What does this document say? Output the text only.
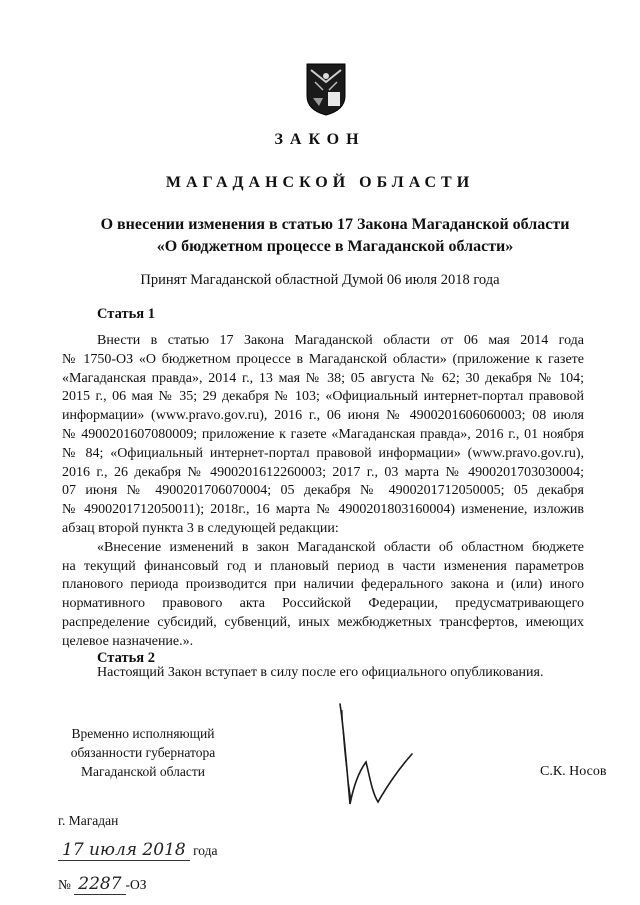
ЗАКОН
МАГАДАНСКОЙ ОБЛАСТИ
О внесении изменения в статью 17 Закона Магаданской области
«О бюджетном процессе в Магаданской области»
Принят Магаданской областной Думой 06 июля 2018 года
Статья 1
Внести в статью 17 Закона Магаданской области от 06 мая 2014 года
№ 1750-ОЗ «О бюджетном процессе в Магаданской области» (приложение к газете
«Магаданская правда», 2014 г., 13 мая № 38; 05 августа № 62; 30 декабря № 104;
2015 г., 06 мая № 35; 29 декабря № 103; «Официальный интернет-портал правовой
информации» (www.pravo.gov.ru), 2016 г., 06 июня № 4900201606060003; 08 июля
№ 4900201607080009; приложение к газете «Магаданская правда», 2016 г., 01 ноября
№ 84; «Официальный интернет-портал правовой информации» (www.pravo.gov.ru),
2016 г., 26 декабря № 4900201612260003; 2017 г., 03 марта № 4900201703030004;
07 июня № 4900201706070004; 05 декабря № 4900201712050005; 05 декабря
№ 4900201712050011); 2018г., 16 марта № 4900201803160004) изменение, изложив
абзац второй пункта 3 в следующей редакции:
«Внесение изменений в закон Магаданской области об областном бюджете
на текущий финансовый год и плановый период в части изменения параметров
планового периода производится при наличии федерального закона и (или) иного
нормативного правового акта Российской Федерации, предусматривающего
распределение субсидий, субвенций, иных межбюджетных трансфертов, имеющих
целевое назначение.».
Статья 2
Настоящий Закон вступает в силу после его официального опубликования.
Временно исполняющий
обязанности губернатора
Магаданской области	С.К. Носов
г. Магадан
17 июля 2018 года
№ 2287 -ОЗ
